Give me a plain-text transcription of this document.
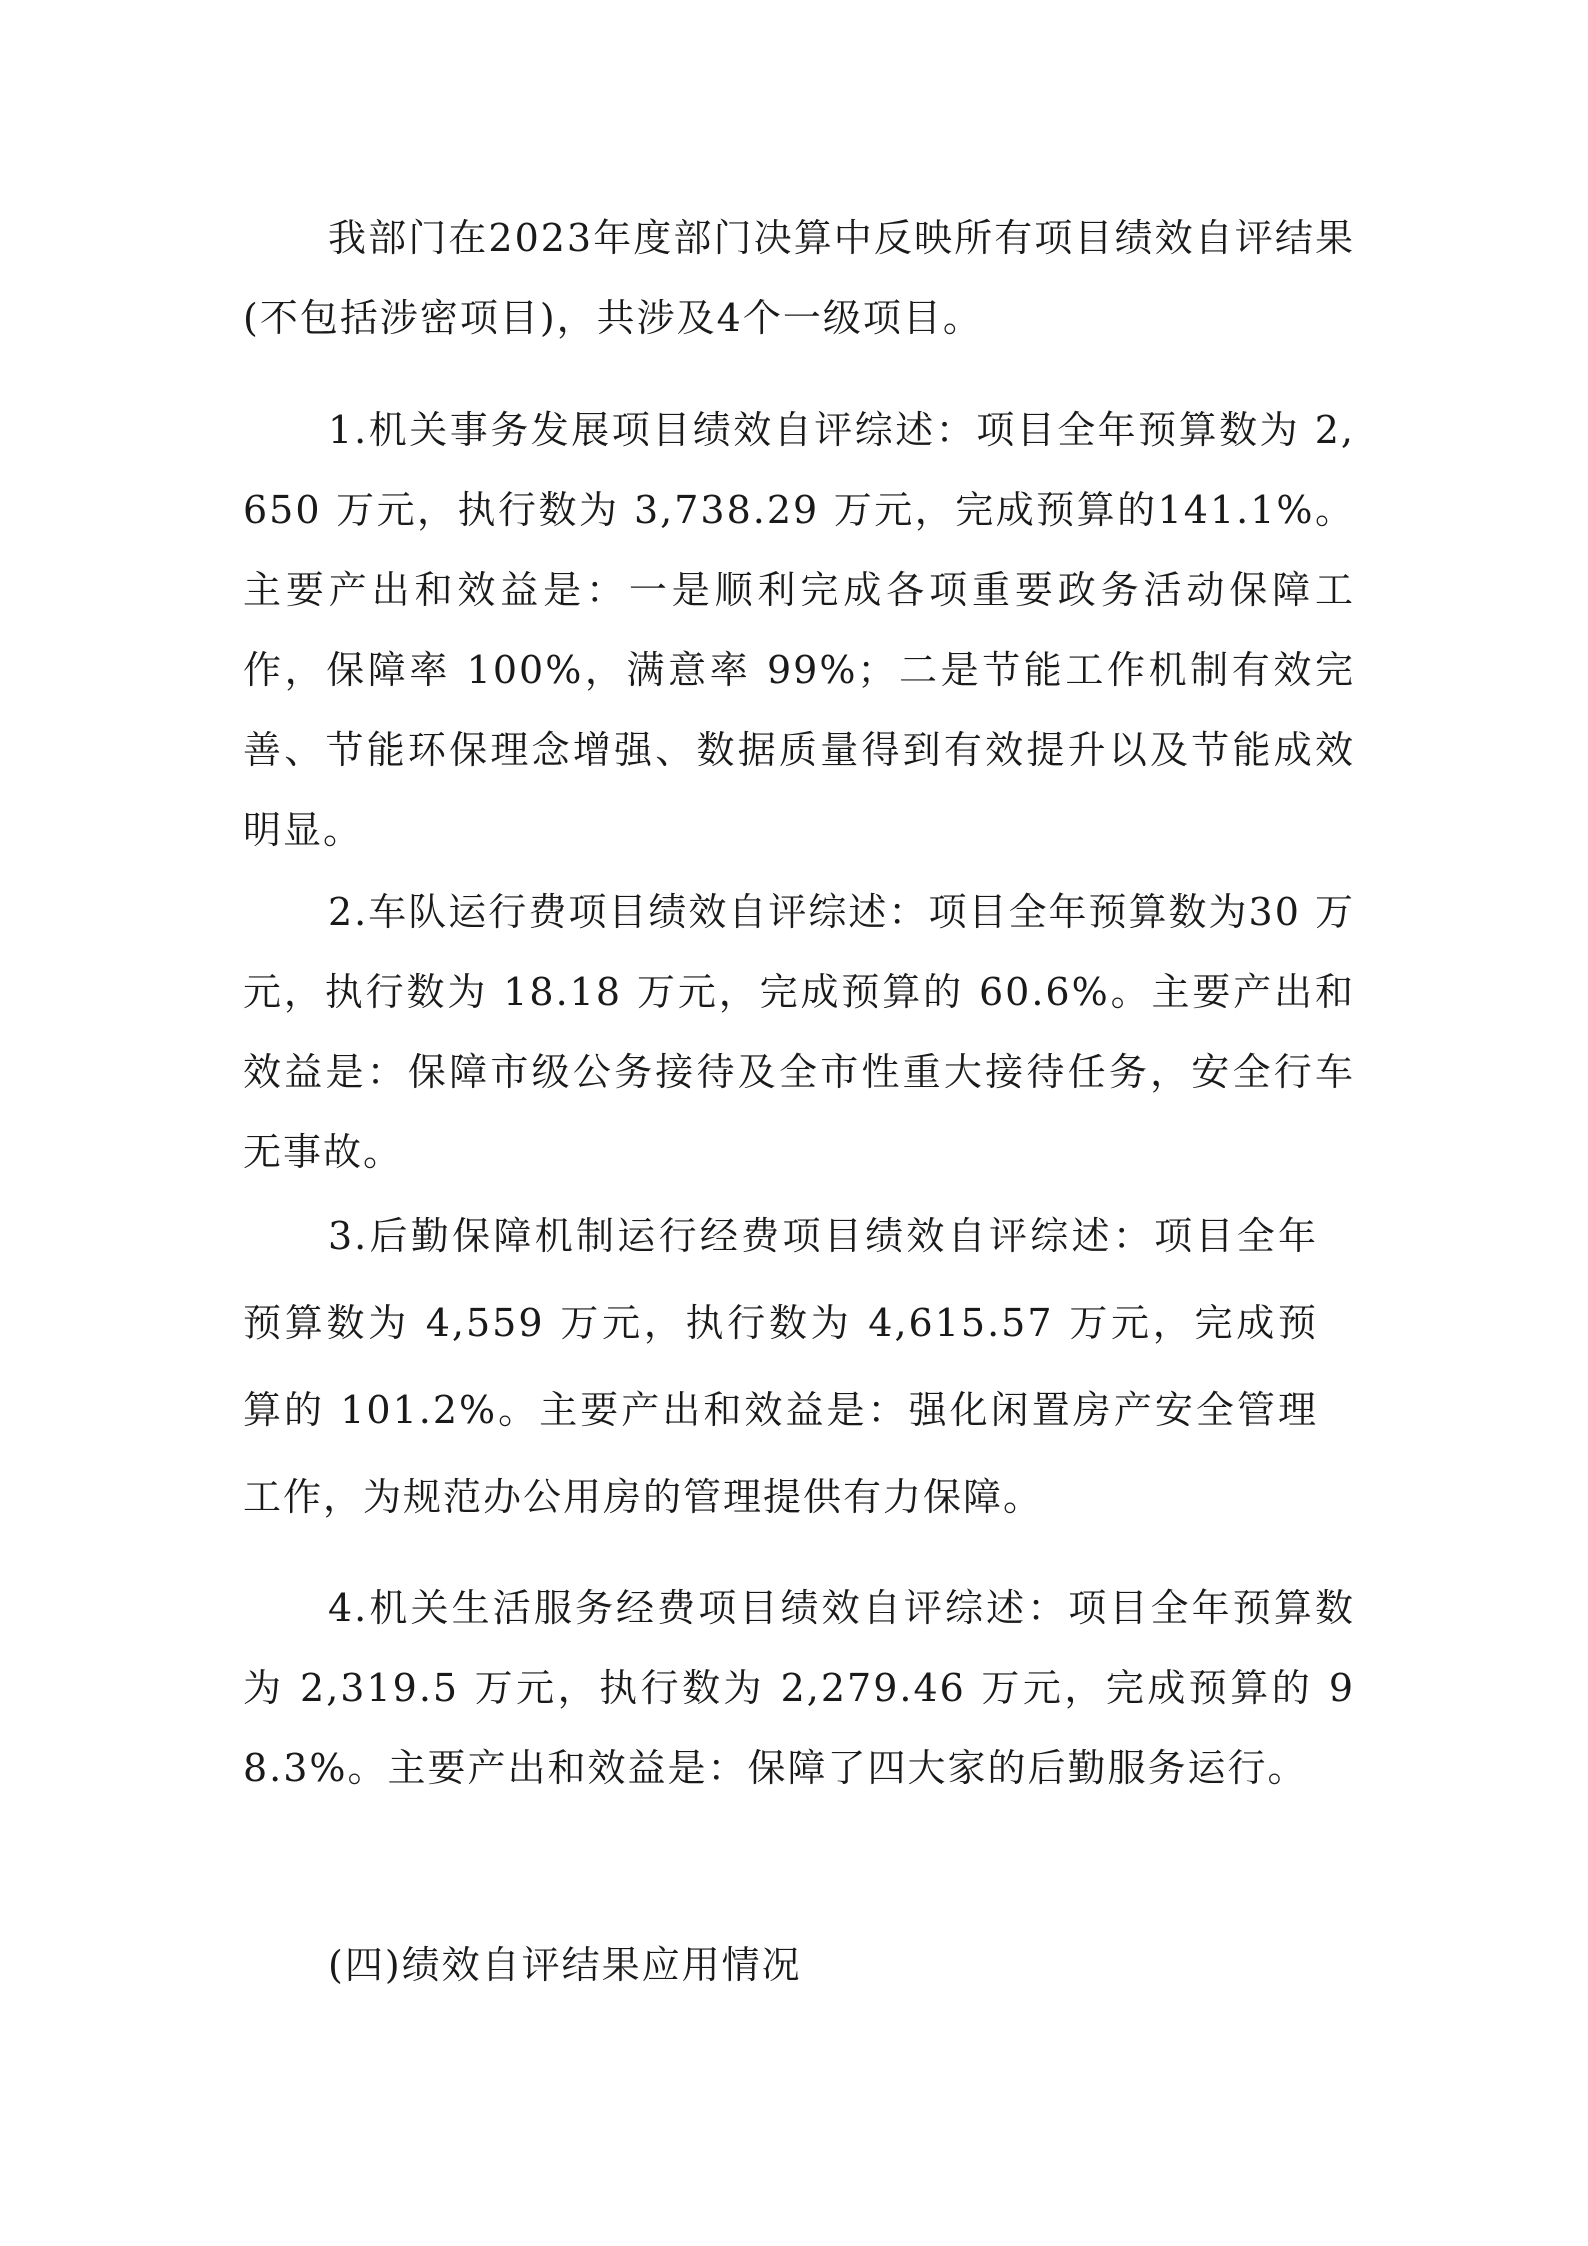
我部门在2023年度部门决算中反映所有项目绩效自评结果(不包括涉密项目)，共涉及4个一级项目。

1.机关事务发展项目绩效自评综述：项目全年预算数为 2,650 万元，执行数为 3,738.29 万元，完成预算的141.1%。主要产出和效益是：一是顺利完成各项重要政务活动保障工作，保障率 100%，满意率 99%；二是节能工作机制有效完善、节能环保理念增强、数据质量得到有效提升以及节能成效明显。

2.车队运行费项目绩效自评综述：项目全年预算数为30 万元，执行数为 18.18 万元，完成预算的 60.6%。主要产出和效益是：保障市级公务接待及全市性重大接待任务，安全行车无事故。

3.后勤保障机制运行经费项目绩效自评综述：项目全年预算数为 4,559 万元，执行数为 4,615.57 万元，完成预算的 101.2%。主要产出和效益是：强化闲置房产安全管理工作，为规范办公用房的管理提供有力保障。

4.机关生活服务经费项目绩效自评综述：项目全年预算数为 2,319.5 万元，执行数为 2,279.46 万元，完成预算的 98.3%。主要产出和效益是：保障了四大家的后勤服务运行。

(四)绩效自评结果应用情况
